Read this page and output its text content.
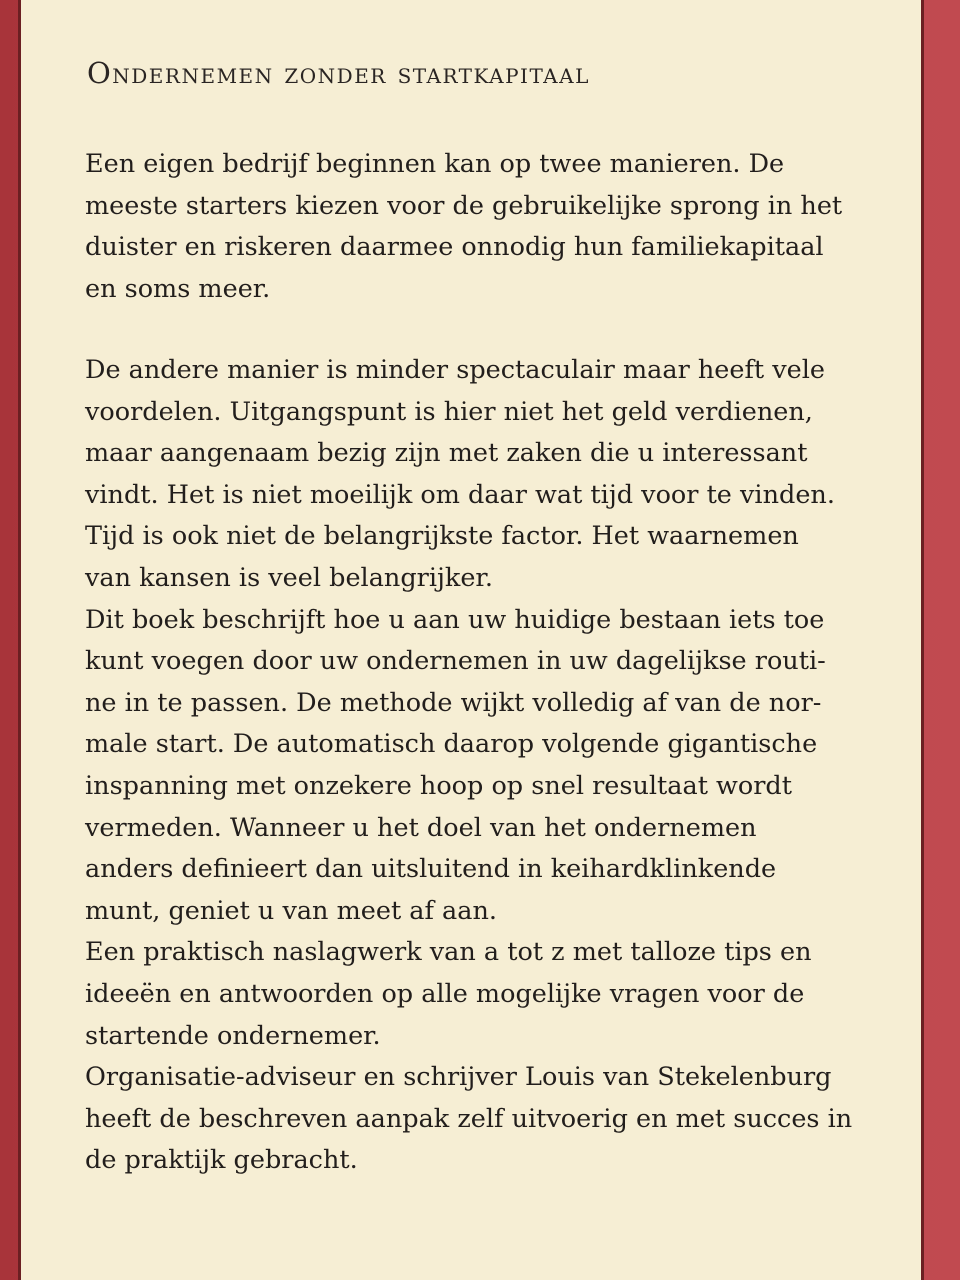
Ondernemen zonder startkapitaal

Een eigen bedrijf beginnen kan op twee manieren. De
meeste starters kiezen voor de gebruikelijke sprong in het
duister en riskeren daarmee onnodig hun familiekapitaal
en soms meer.

De andere manier is minder spectaculair maar heeft vele
voordelen. Uitgangspunt is hier niet het geld verdienen,
maar aangenaam bezig zijn met zaken die u interessant
vindt. Het is niet moeilijk om daar wat tijd voor te vinden.
Tijd is ook niet de belangrijkste factor. Het waarnemen
van kansen is veel belangrijker.
Dit boek beschrijft hoe u aan uw huidige bestaan iets toe
kunt voegen door uw ondernemen in uw dagelijkse routi-
ne in te passen. De methode wijkt volledig af van de nor-
male start. De automatisch daarop volgende gigantische
inspanning met onzekere hoop op snel resultaat wordt
vermeden. Wanneer u het doel van het ondernemen
anders definieert dan uitsluitend in keihardklinkende
munt, geniet u van meet af aan.
Een praktisch naslagwerk van a tot z met talloze tips en
ideeën en antwoorden op alle mogelijke vragen voor de
startende ondernemer.
Organisatie-adviseur en schrijver Louis van Stekelenburg
heeft de beschreven aanpak zelf uitvoerig en met succes in
de praktijk gebracht.
